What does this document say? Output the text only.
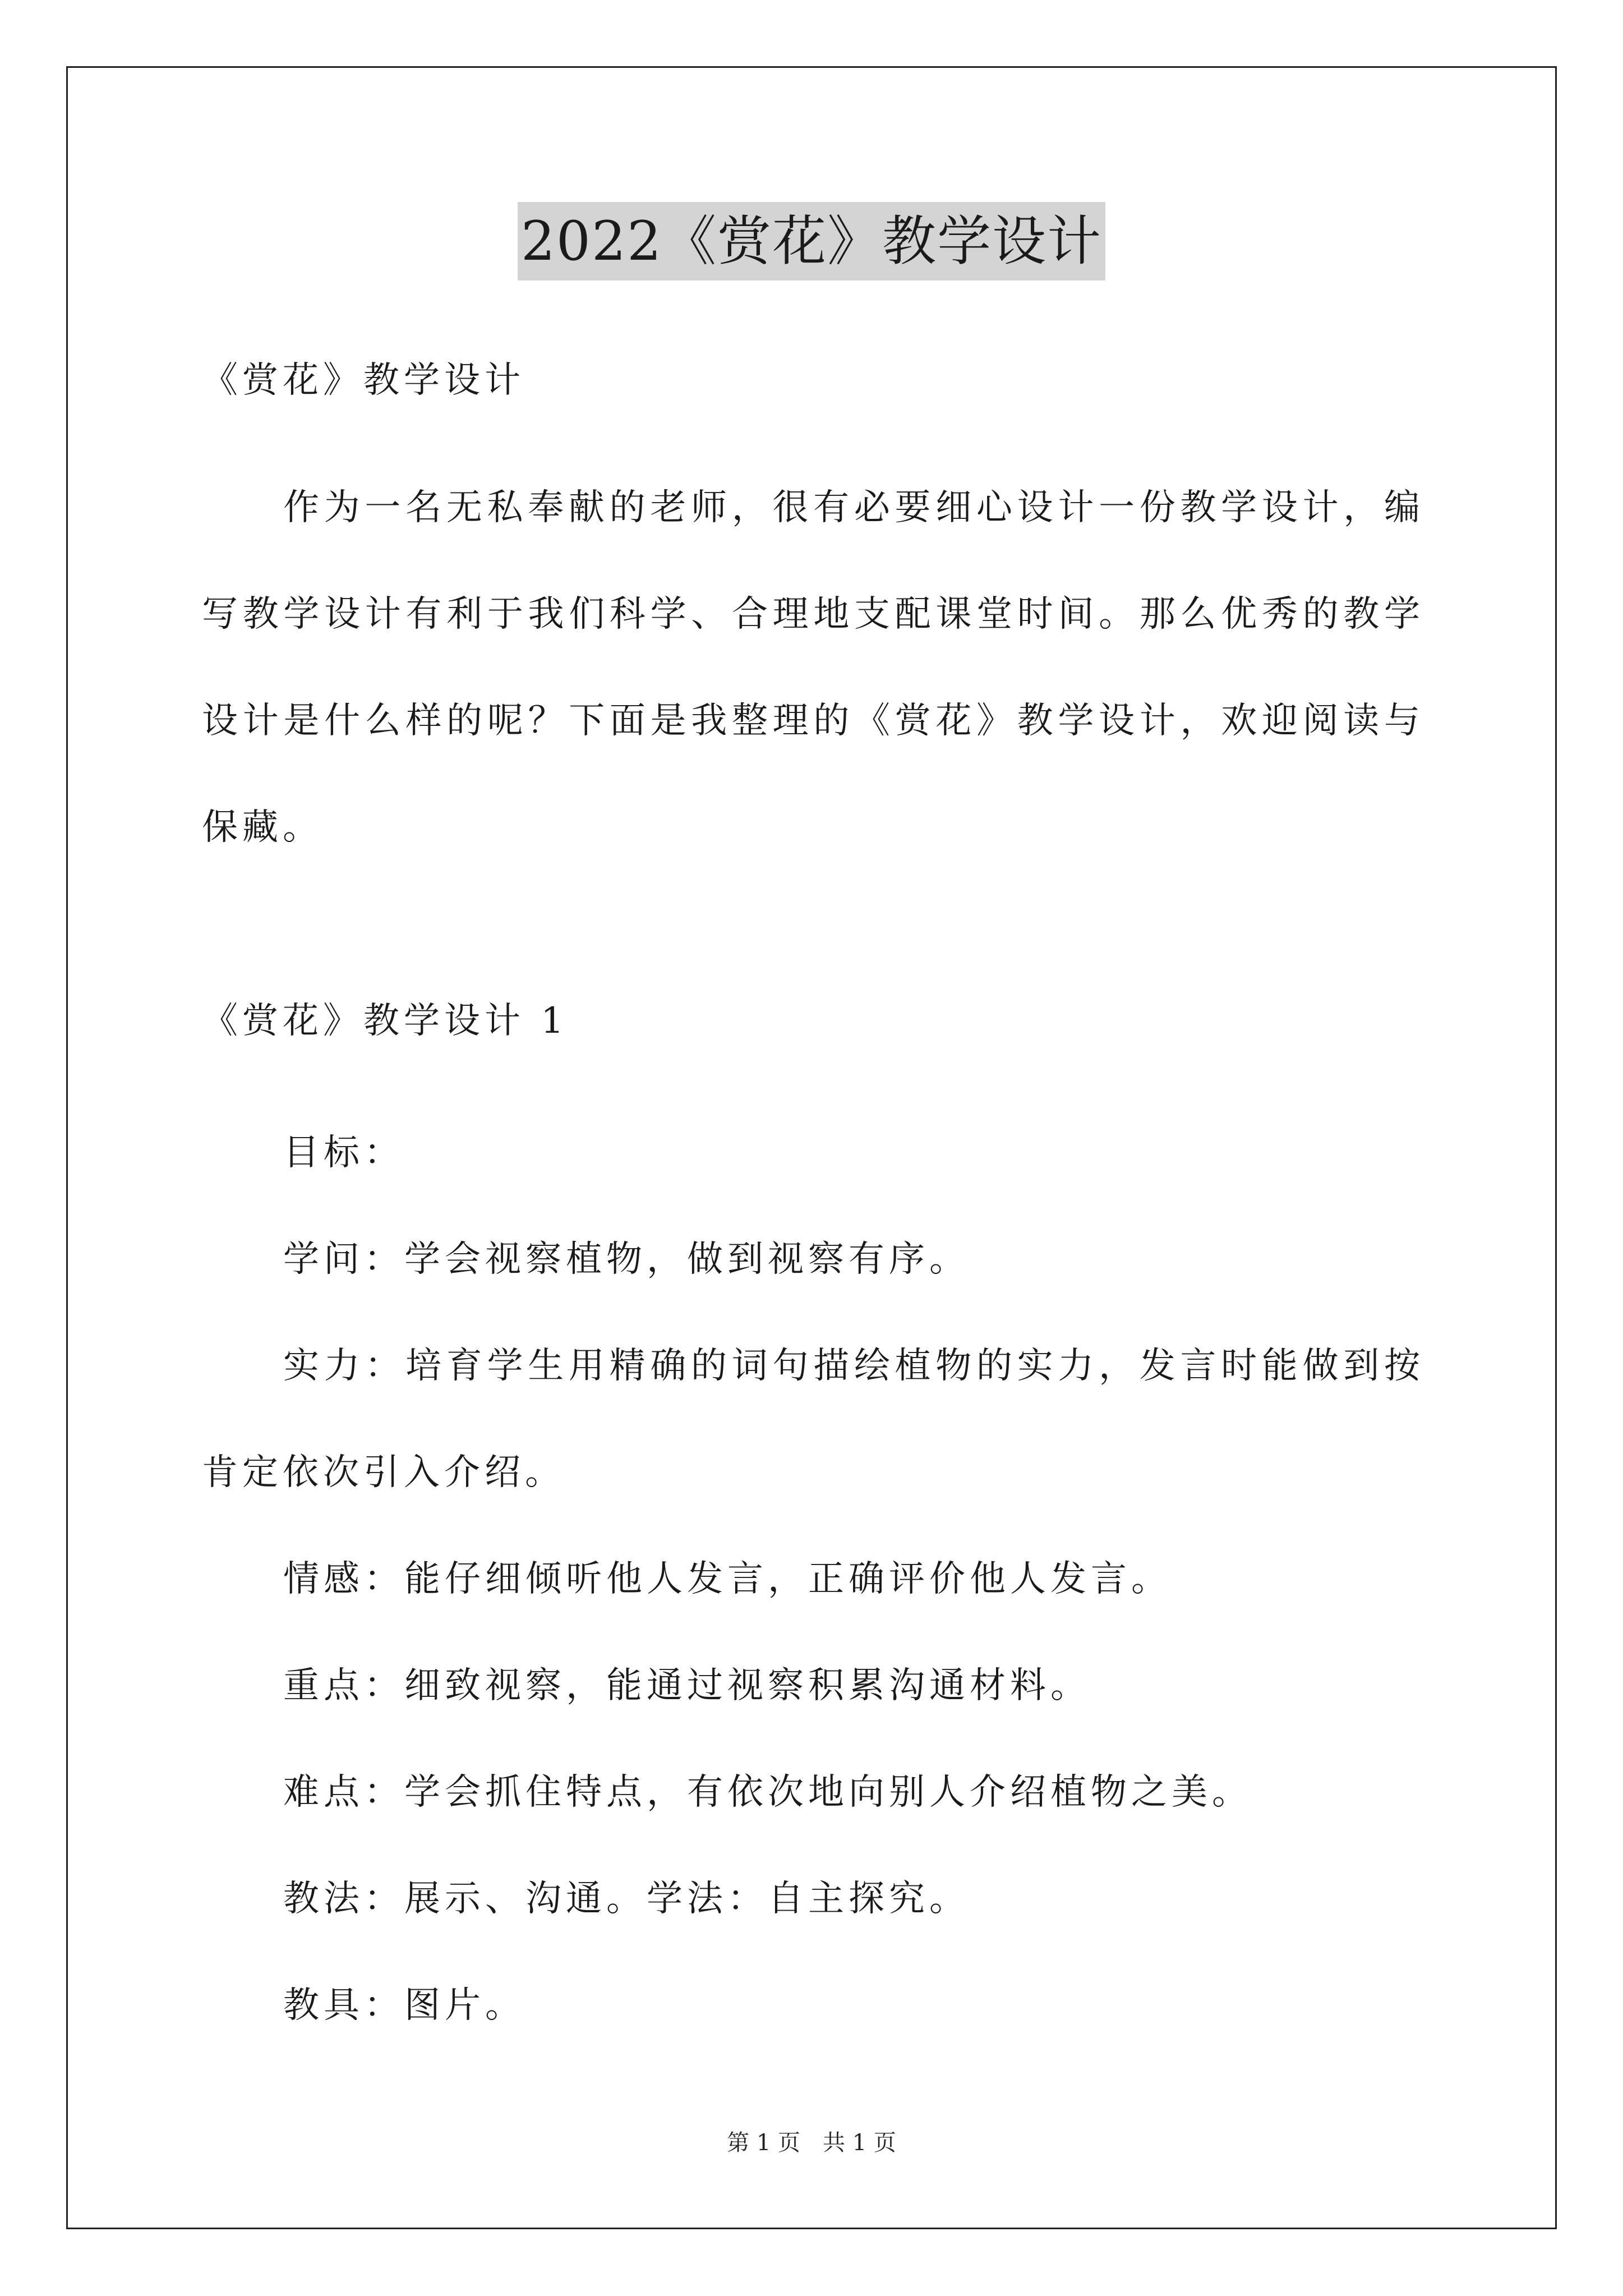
2022《赏花》教学设计
《赏花》教学设计

作为一名无私奉献的老师，很有必要细心设计一份教学设计，编写教学设计有利于我们科学、合理地支配课堂时间。那么优秀的教学设计是什么样的呢？下面是我整理的《赏花》教学设计，欢迎阅读与保藏。

《赏花》教学设计 1
目标：
学问：学会视察植物，做到视察有序。
实力：培育学生用精确的词句描绘植物的实力，发言时能做到按肯定依次引入介绍。
情感：能仔细倾听他人发言，正确评价他人发言。
重点：细致视察，能通过视察积累沟通材料。
难点：学会抓住特点，有依次地向别人介绍植物之美。
教法：展示、沟通。学法：自主探究。
教具：图片。
第 1 页　共 1 页
